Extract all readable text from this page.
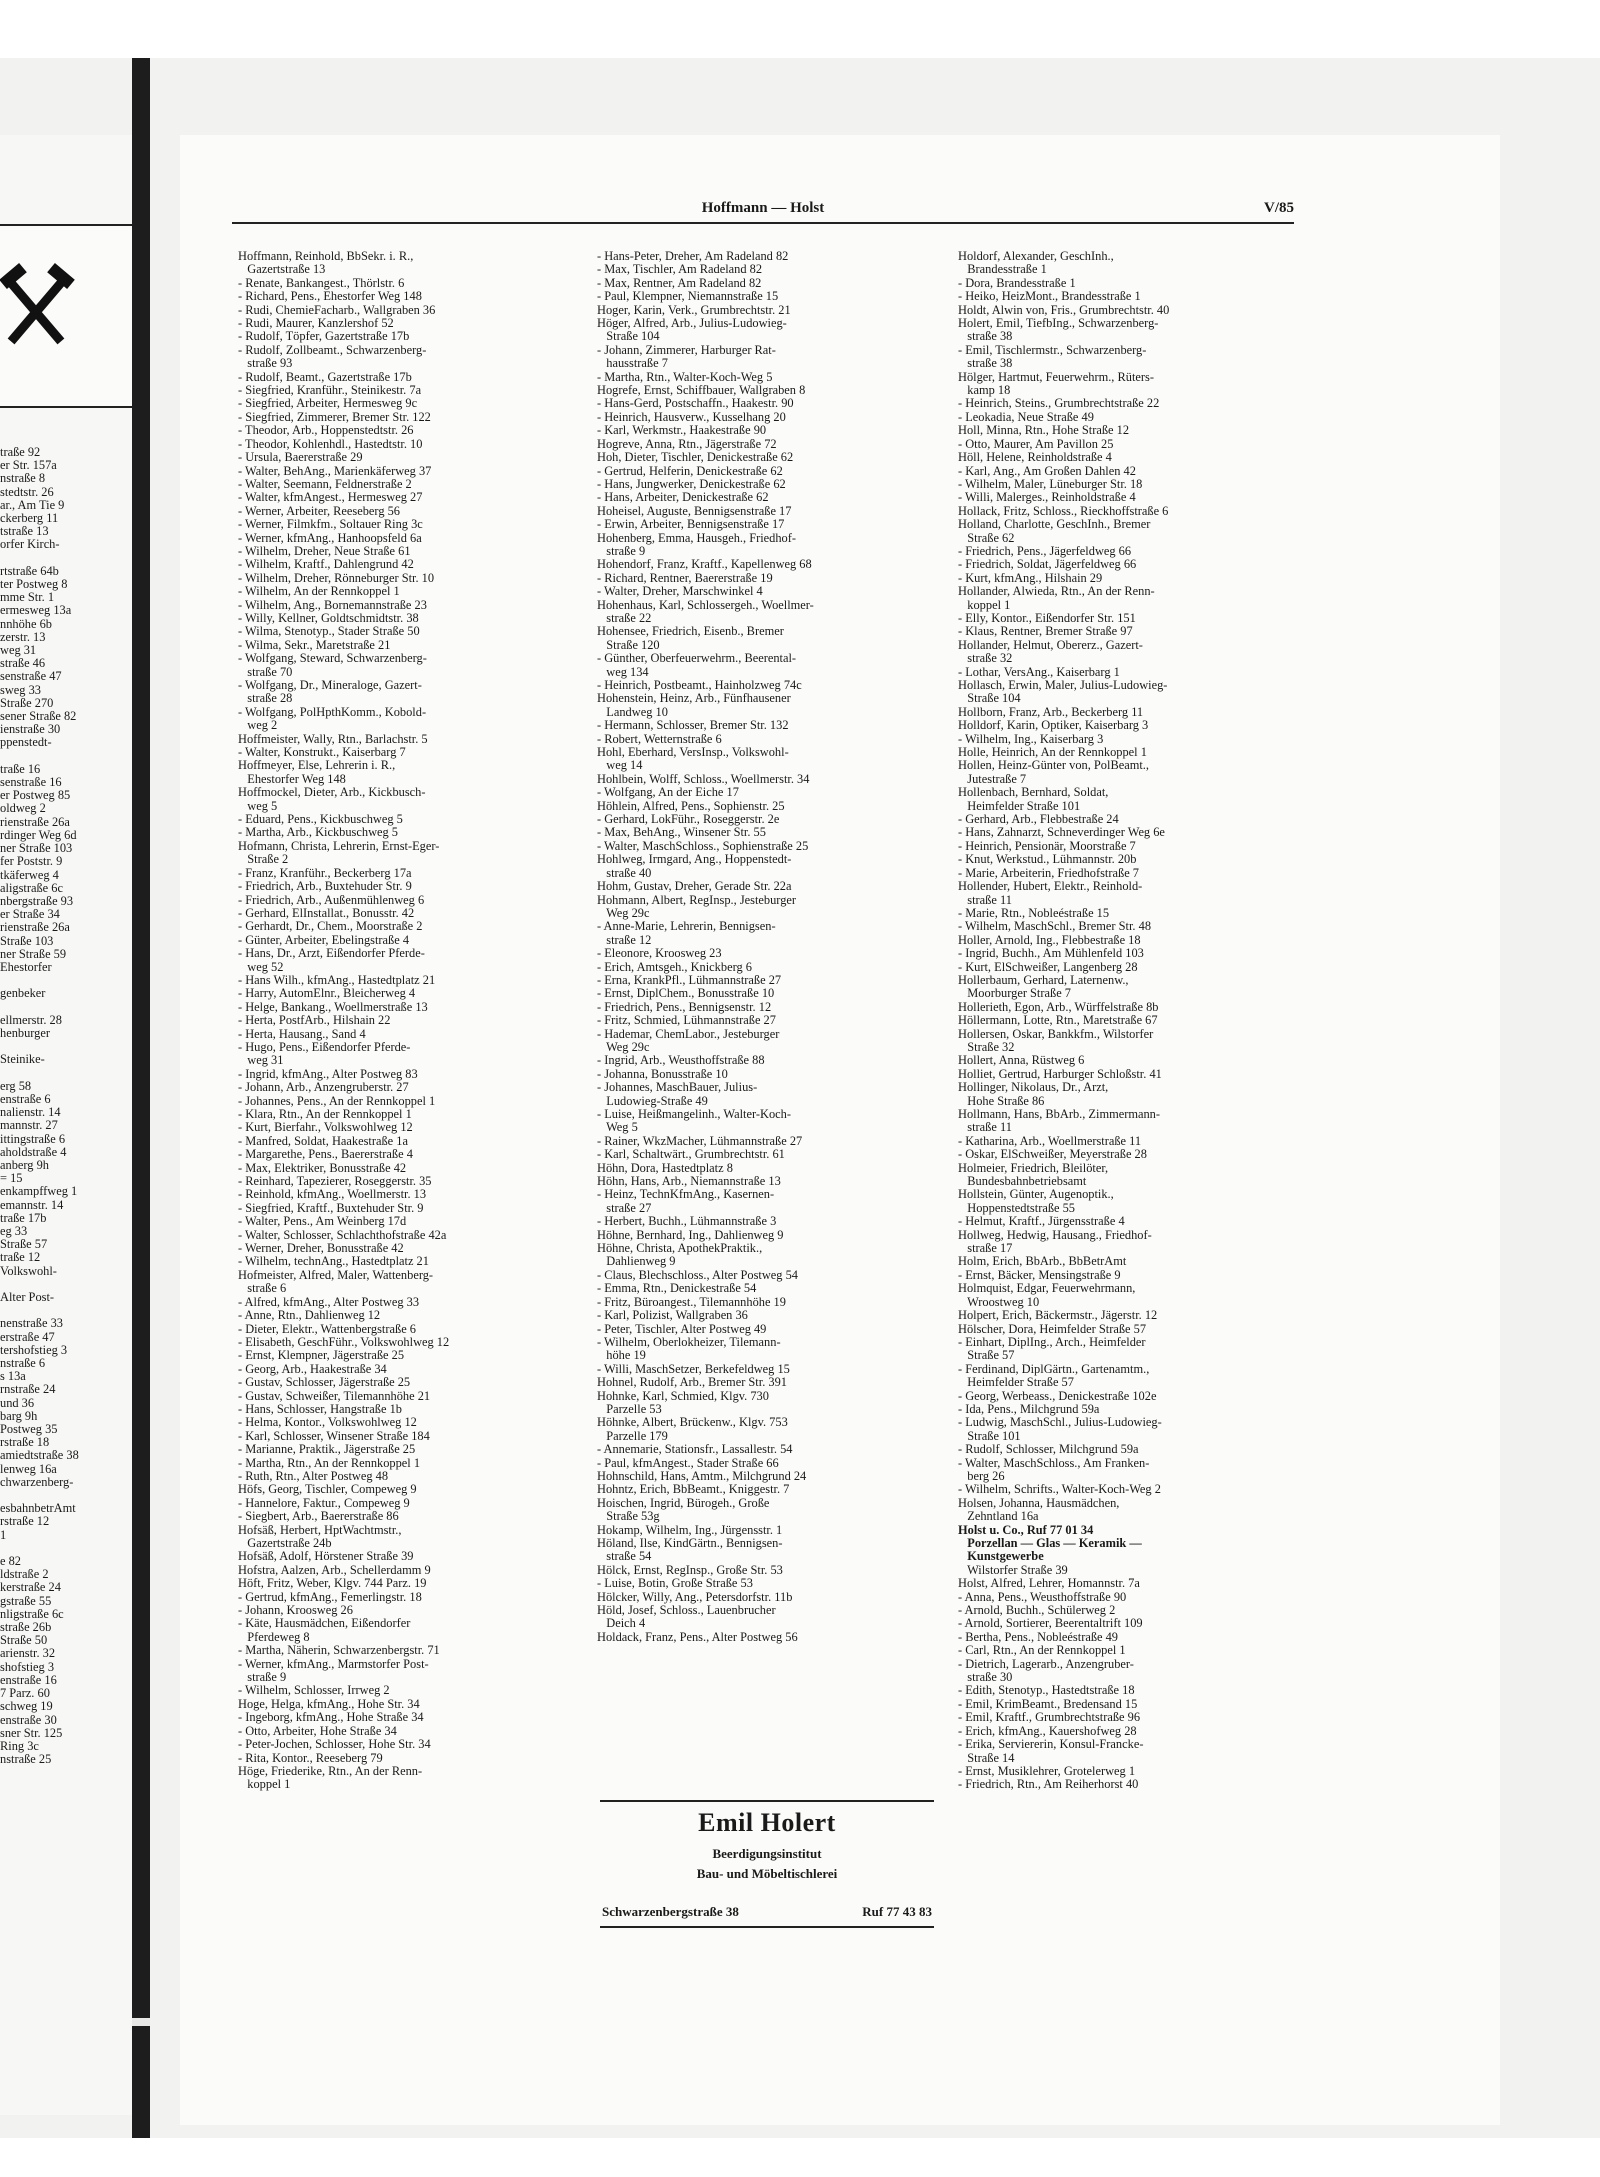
traße 92
er Str. 157a
nstraße 8
stedtstr. 26
ar., Am Tie 9
ckerberg 11
tstraße 13
orfer Kirch-

rtstraße 64b
ter Postweg 8
mme Str. 1
ermesweg 13a
nnhöhe 6b
zerstr. 13
weg 31
straße 46
senstraße 47
sweg 33
Straße 270
sener Straße 82
ienstraße 30
ppenstedt-

traße 16
senstraße 16
er Postweg 85
oldweg 2
rienstraße 26a
rdinger Weg 6d
ner Straße 103
fer Poststr. 9
tkäferweg 4
aligstraße 6c
nbergstraße 93
er Straße 34
rienstraße 26a
Straße 103
ner Straße 59
Ehestorfer

genbeker

ellmerstr. 28
henburger

Steinike-

erg 58
enstraße 6
nalienstr. 14
mannstr. 27
ittingstraße 6
aholdstraße 4
anberg 9h
= 15
enkampffweg 1
emannstr. 14
traße 17b
eg 33
Straße 57
traße 12
Volkswohl-

Alter Post-

nenstraße 33
erstraße 47
tershofstieg 3
nstraße 6
s 13a
rnstraße 24
und 36
barg 9h
Postweg 35
rstraße 18
amiedtstraße 38
lenweg 16a
chwarzenberg-

esbahnbetrAmt
rstraße 12
1

e 82
ldstraße 2
kerstraße 24
gstraße 55
nligstraße 6c
straße 26b
Straße 50
arienstr. 32
shofstieg 3
enstraße 16
7 Parz. 60
schweg 19
enstraße 30
sner Str. 125
Ring 3c
nstraße 25
Hoffmann — Holst	V/85
Hoffmann, Reinhold, BbSekr. i. R.,
Gazertstraße 13
- Renate, Bankangest., Thörlstr. 6
- Richard, Pens., Ehestorfer Weg 148
- Rudi, ChemieFacharb., Wallgraben 36
- Rudi, Maurer, Kanzlershof 52
- Rudolf, Töpfer, Gazertstraße 17b
- Rudolf, Zollbeamt., Schwarzenberg-
straße 93
- Rudolf, Beamt., Gazertstraße 17b
- Siegfried, Kranführ., Steinikestr. 7a
- Siegfried, Arbeiter, Hermesweg 9c
- Siegfried, Zimmerer, Bremer Str. 122
- Theodor, Arb., Hoppenstedtstr. 26
- Theodor, Kohlenhdl., Hastedtstr. 10
- Ursula, Baererstraße 29
- Walter, BehAng., Marienkäferweg 37
- Walter, Seemann, Feldnerstraße 2
- Walter, kfmAngest., Hermesweg 27
- Werner, Arbeiter, Reeseberg 56
- Werner, Filmkfm., Soltauer Ring 3c
- Werner, kfmAng., Hanhoopsfeld 6a
- Wilhelm, Dreher, Neue Straße 61
- Wilhelm, Kraftf., Dahlengrund 42
- Wilhelm, Dreher, Rönneburger Str. 10
- Wilhelm, An der Rennkoppel 1
- Wilhelm, Ang., Bornemannstraße 23
- Willy, Kellner, Goldtschmidtstr. 38
- Wilma, Stenotyp., Stader Straße 50
- Wilma, Sekr., Maretstraße 21
- Wolfgang, Steward, Schwarzenberg-
straße 70
- Wolfgang, Dr., Mineraloge, Gazert-
straße 28
- Wolfgang, PolHpthKomm., Kobold-
weg 2
Hoffmeister, Wally, Rtn., Barlachstr. 5
- Walter, Konstrukt., Kaiserbarg 7
Hoffmeyer, Else, Lehrerin i. R.,
Ehestorfer Weg 148
Hoffmockel, Dieter, Arb., Kickbusch-
weg 5
- Eduard, Pens., Kickbuschweg 5
- Martha, Arb., Kickbuschweg 5
Hofmann, Christa, Lehrerin, Ernst-Eger-
Straße 2
- Franz, Kranführ., Beckerberg 17a
- Friedrich, Arb., Buxtehuder Str. 9
- Friedrich, Arb., Außenmühlenweg 6
- Gerhard, ElInstallat., Bonusstr. 42
- Gerhardt, Dr., Chem., Moorstraße 2
- Günter, Arbeiter, Ebelingstraße 4
- Hans, Dr., Arzt, Eißendorfer Pferde-
weg 52
- Hans Wilh., kfmAng., Hastedtplatz 21
- Harry, AutomElnr., Bleicherweg 4
- Helge, Bankang., Woellmerstraße 13
- Herta, PostfArb., Hilshain 22
- Herta, Hausang., Sand 4
- Hugo, Pens., Eißendorfer Pferde-
weg 31
- Ingrid, kfmAng., Alter Postweg 83
- Johann, Arb., Anzengruberstr. 27
- Johannes, Pens., An der Rennkoppel 1
- Klara, Rtn., An der Rennkoppel 1
- Kurt, Bierfahr., Volkswohlweg 12
- Manfred, Soldat, Haakestraße 1a
- Margarethe, Pens., Baererstraße 4
- Max, Elektriker, Bonusstraße 42
- Reinhard, Tapezierer, Roseggerstr. 35
- Reinhold, kfmAng., Woellmerstr. 13
- Siegfried, Kraftf., Buxtehuder Str. 9
- Walter, Pens., Am Weinberg 17d
- Walter, Schlosser, Schlachthofstraße 42a
- Werner, Dreher, Bonusstraße 42
- Wilhelm, technAng., Hastedtplatz 21
Hofmeister, Alfred, Maler, Wattenberg-
straße 6
- Alfred, kfmAng., Alter Postweg 33
- Anne, Rtn., Dahlienweg 12
- Dieter, Elektr., Wattenbergstraße 6
- Elisabeth, GeschFühr., Volkswohlweg 12
- Ernst, Klempner, Jägerstraße 25
- Georg, Arb., Haakestraße 34
- Gustav, Schlosser, Jägerstraße 25
- Gustav, Schweißer, Tilemannhöhe 21
- Hans, Schlosser, Hangstraße 1b
- Helma, Kontor., Volkswohlweg 12
- Karl, Schlosser, Winsener Straße 184
- Marianne, Praktik., Jägerstraße 25
- Martha, Rtn., An der Rennkoppel 1
- Ruth, Rtn., Alter Postweg 48
Höfs, Georg, Tischler, Compeweg 9
- Hannelore, Faktur., Compeweg 9
- Siegbert, Arb., Baererstraße 86
Hofsäß, Herbert, HptWachtmstr.,
Gazertstraße 24b
Hofsäß, Adolf, Hörstener Straße 39
Hofstra, Aalzen, Arb., Schellerdamm 9
Höft, Fritz, Weber, Klgv. 744 Parz. 19
- Gertrud, kfmAng., Femerlingstr. 18
- Johann, Kroosweg 26
- Käte, Hausmädchen, Eißendorfer
Pferdeweg 8
- Martha, Näherin, Schwarzenbergstr. 71
- Werner, kfmAng., Marmstorfer Post-
straße 9
- Wilhelm, Schlosser, Irrweg 2
Hoge, Helga, kfmAng., Hohe Str. 34
- Ingeborg, kfmAng., Hohe Straße 34
- Otto, Arbeiter, Hohe Straße 34
- Peter-Jochen, Schlosser, Hohe Str. 34
- Rita, Kontor., Reeseberg 79
Höge, Friederike, Rtn., An der Renn-
koppel 1
- Hans-Peter, Dreher, Am Radeland 82
- Max, Tischler, Am Radeland 82
- Max, Rentner, Am Radeland 82
- Paul, Klempner, Niemannstraße 15
Hoger, Karin, Verk., Grumbrechtstr. 21
Höger, Alfred, Arb., Julius-Ludowieg-
Straße 104
- Johann, Zimmerer, Harburger Rat-
hausstraße 7
- Martha, Rtn., Walter-Koch-Weg 5
Hogrefe, Ernst, Schiffbauer, Wallgraben 8
- Hans-Gerd, Postschaffn., Haakestr. 90
- Heinrich, Hausverw., Kusselhang 20
- Karl, Werkmstr., Haakestraße 90
Hogreve, Anna, Rtn., Jägerstraße 72
Hoh, Dieter, Tischler, Denickestraße 62
- Gertrud, Helferin, Denickestraße 62
- Hans, Jungwerker, Denickestraße 62
- Hans, Arbeiter, Denickestraße 62
Hoheisel, Auguste, Bennigsenstraße 17
- Erwin, Arbeiter, Bennigsenstraße 17
Hohenberg, Emma, Hausgeh., Friedhof-
straße 9
Hohendorf, Franz, Kraftf., Kapellenweg 68
- Richard, Rentner, Baererstraße 19
- Walter, Dreher, Marschwinkel 4
Hohenhaus, Karl, Schlossergeh., Woellmer-
straße 22
Hohensee, Friedrich, Eisenb., Bremer
Straße 120
- Günther, Oberfeuerwehrm., Beerental-
weg 134
- Heinrich, Postbeamt., Hainholzweg 74c
Hohenstein, Heinz, Arb., Fünfhausener
Landweg 10
- Hermann, Schlosser, Bremer Str. 132
- Robert, Wetternstraße 6
Hohl, Eberhard, VersInsp., Volkswohl-
weg 14
Hohlbein, Wolff, Schloss., Woellmerstr. 34
- Wolfgang, An der Eiche 17
Höhlein, Alfred, Pens., Sophienstr. 25
- Gerhard, LokFühr., Roseggerstr. 2e
- Max, BehAng., Winsener Str. 55
- Walter, MaschSchloss., Sophienstraße 25
Hohlweg, Irmgard, Ang., Hoppenstedt-
straße 40
Hohm, Gustav, Dreher, Gerade Str. 22a
Hohmann, Albert, RegInsp., Jesteburger
Weg 29c
- Anne-Marie, Lehrerin, Bennigsen-
straße 12
- Eleonore, Kroosweg 23
- Erich, Amtsgeh., Knickberg 6
- Erna, KrankPfl., Lühmannstraße 27
- Ernst, DiplChem., Bonusstraße 10
- Friedrich, Pens., Bennigsenstr. 12
- Fritz, Schmied, Lühmannstraße 27
- Hademar, ChemLabor., Jesteburger
Weg 29c
- Ingrid, Arb., Weusthoffstraße 88
- Johanna, Bonusstraße 10
- Johannes, MaschBauer, Julius-
Ludowieg-Straße 49
- Luise, Heißmangelinh., Walter-Koch-
Weg 5
- Rainer, WkzMacher, Lühmannstraße 27
- Karl, Schaltwärt., Grumbrechtstr. 61
Höhn, Dora, Hastedtplatz 8
Höhn, Hans, Arb., Niemannstraße 13
- Heinz, TechnKfmAng., Kasernen-
straße 27
- Herbert, Buchh., Lühmannstraße 3
Höhne, Bernhard, Ing., Dahlienweg 9
Höhne, Christa, ApothekPraktik.,
Dahlienweg 9
- Claus, Blechschloss., Alter Postweg 54
- Emma, Rtn., Denickestraße 54
- Fritz, Büroangest., Tilemannhöhe 19
- Karl, Polizist, Wallgraben 36
- Peter, Tischler, Alter Postweg 49
- Wilhelm, Oberlokheizer, Tilemann-
höhe 19
- Willi, MaschSetzer, Berkefeldweg 15
Hohnel, Rudolf, Arb., Bremer Str. 391
Hohnke, Karl, Schmied, Klgv. 730
Parzelle 53
Höhnke, Albert, Brückenw., Klgv. 753
Parzelle 179
- Annemarie, Stationsfr., Lassallestr. 54
- Paul, kfmAngest., Stader Straße 66
Hohnschild, Hans, Amtm., Milchgrund 24
Hohntz, Erich, BbBeamt., Kniggestr. 7
Hoischen, Ingrid, Bürogeh., Große
Straße 53g
Hokamp, Wilhelm, Ing., Jürgensstr. 1
Höland, Ilse, KindGärtn., Bennigsen-
straße 54
Hölck, Ernst, RegInsp., Große Str. 53
- Luise, Botin, Große Straße 53
Hölcker, Willy, Ang., Petersdorfstr. 11b
Höld, Josef, Schloss., Lauenbrucher
Deich 4
Holdack, Franz, Pens., Alter Postweg 56
Holdorf, Alexander, GeschInh.,
Brandesstraße 1
- Dora, Brandesstraße 1
- Heiko, HeizMont., Brandesstraße 1
Holdt, Alwin von, Fris., Grumbrechtstr. 40
Holert, Emil, TiefbIng., Schwarzenberg-
straße 38
- Emil, Tischlermstr., Schwarzenberg-
straße 38
Hölger, Hartmut, Feuerwehrm., Rüters-
kamp 18
- Heinrich, Steins., Grumbrechtstraße 22
- Leokadia, Neue Straße 49
Holl, Minna, Rtn., Hohe Straße 12
- Otto, Maurer, Am Pavillon 25
Höll, Helene, Reinholdstraße 4
- Karl, Ang., Am Großen Dahlen 42
- Wilhelm, Maler, Lüneburger Str. 18
- Willi, Malerges., Reinholdstraße 4
Hollack, Fritz, Schloss., Rieckhoffstraße 6
Holland, Charlotte, GeschInh., Bremer
Straße 62
- Friedrich, Pens., Jägerfeldweg 66
- Friedrich, Soldat, Jägerfeldweg 66
- Kurt, kfmAng., Hilshain 29
Hollander, Alwieda, Rtn., An der Renn-
koppel 1
- Elly, Kontor., Eißendorfer Str. 151
- Klaus, Rentner, Bremer Straße 97
Hollander, Helmut, Obererz., Gazert-
straße 32
- Lothar, VersAng., Kaiserbarg 1
Hollasch, Erwin, Maler, Julius-Ludowieg-
Straße 104
Hollborn, Franz, Arb., Beckerberg 11
Holldorf, Karin, Optiker, Kaiserbarg 3
- Wilhelm, Ing., Kaiserbarg 3
Holle, Heinrich, An der Rennkoppel 1
Hollen, Heinz-Günter von, PolBeamt.,
Jutestraße 7
Hollenbach, Bernhard, Soldat,
Heimfelder Straße 101
- Gerhard, Arb., Flebbestraße 24
- Hans, Zahnarzt, Schneverdinger Weg 6e
- Heinrich, Pensionär, Moorstraße 7
- Knut, Werkstud., Lühmannstr. 20b
- Marie, Arbeiterin, Friedhofstraße 7
Hollender, Hubert, Elektr., Reinhold-
straße 11
- Marie, Rtn., Noblеéstraße 15
- Wilhelm, MaschSchl., Bremer Str. 48
Holler, Arnold, Ing., Flebbestraße 18
- Ingrid, Buchh., Am Mühlenfeld 103
- Kurt, ElSchweißer, Langenberg 28
Hollerbaum, Gerhard, Laternenw.,
Moorburger Straße 7
Hollerieth, Egon, Arb., Würffelstraße 8b
Höllermann, Lotte, Rtn., Maretstraße 67
Hollersen, Oskar, Bankkfm., Wilstorfer
Straße 32
Hollert, Anna, Rüstweg 6
Holliet, Gertrud, Harburger Schloßstr. 41
Hollinger, Nikolaus, Dr., Arzt,
Hohe Straße 86
Hollmann, Hans, BbArb., Zimmermann-
straße 11
- Katharina, Arb., Woellmerstraße 11
- Oskar, ElSchweißer, Meyerstraße 28
Holmeier, Friedrich, Bleilöter,
Bundesbahnbetriebsamt
Hollstein, Günter, Augenoptik.,
Hoppenstedtstraße 55
- Helmut, Kraftf., Jürgensstraße 4
Hollweg, Hedwig, Hausang., Friedhof-
straße 17
Holm, Erich, BbArb., BbBetrAmt
- Ernst, Bäcker, Mensingstraße 9
Holmquist, Edgar, Feuerwehrmann,
Wroostweg 10
Holpert, Erich, Bäckermstr., Jägerstr. 12
Hölscher, Dora, Heimfelder Straße 57
- Einhart, DiplIng., Arch., Heimfelder
Straße 57
- Ferdinand, DiplGärtn., Gartenamtm.,
Heimfelder Straße 57
- Georg, Werbeass., Denickestraße 102e
- Ida, Pens., Milchgrund 59a
- Ludwig, MaschSchl., Julius-Ludowieg-
Straße 101
- Rudolf, Schlosser, Milchgrund 59a
- Walter, MaschSchloss., Am Franken-
berg 26
- Wilhelm, Schrifts., Walter-Koch-Weg 2
Holsen, Johanna, Hausmädchen,
Zehntland 16a
Holst u. Co., Ruf 77 01 34
Porzellan — Glas — Keramik —
Kunstgewerbe
Wilstorfer Straße 39
Holst, Alfred, Lehrer, Homannstr. 7a
- Anna, Pens., Weusthoffstraße 90
- Arnold, Buchh., Schülerweg 2
- Arnold, Sortierer, Beerentaltrift 109
- Bertha, Pens., Noblеéstraße 49
- Carl, Rtn., An der Rennkoppel 1
- Dietrich, Lagerarb., Anzengruber-
straße 30
- Edith, Stenotyp., Hastedtstraße 18
- Emil, KrimBeamt., Bredensand 15
- Emil, Kraftf., Grumbrechtstraße 96
- Erich, kfmAng., Kauershofweg 28
- Erika, Serviererin, Konsul-Francke-
Straße 14
- Ernst, Musiklehrer, Grotelerweg 1
- Friedrich, Rtn., Am Reiherhorst 40
Emil Holert
Beerdigungsinstitut
Bau- und Möbeltischlerei
Schwarzenbergstraße 38	Ruf 77 43 83
